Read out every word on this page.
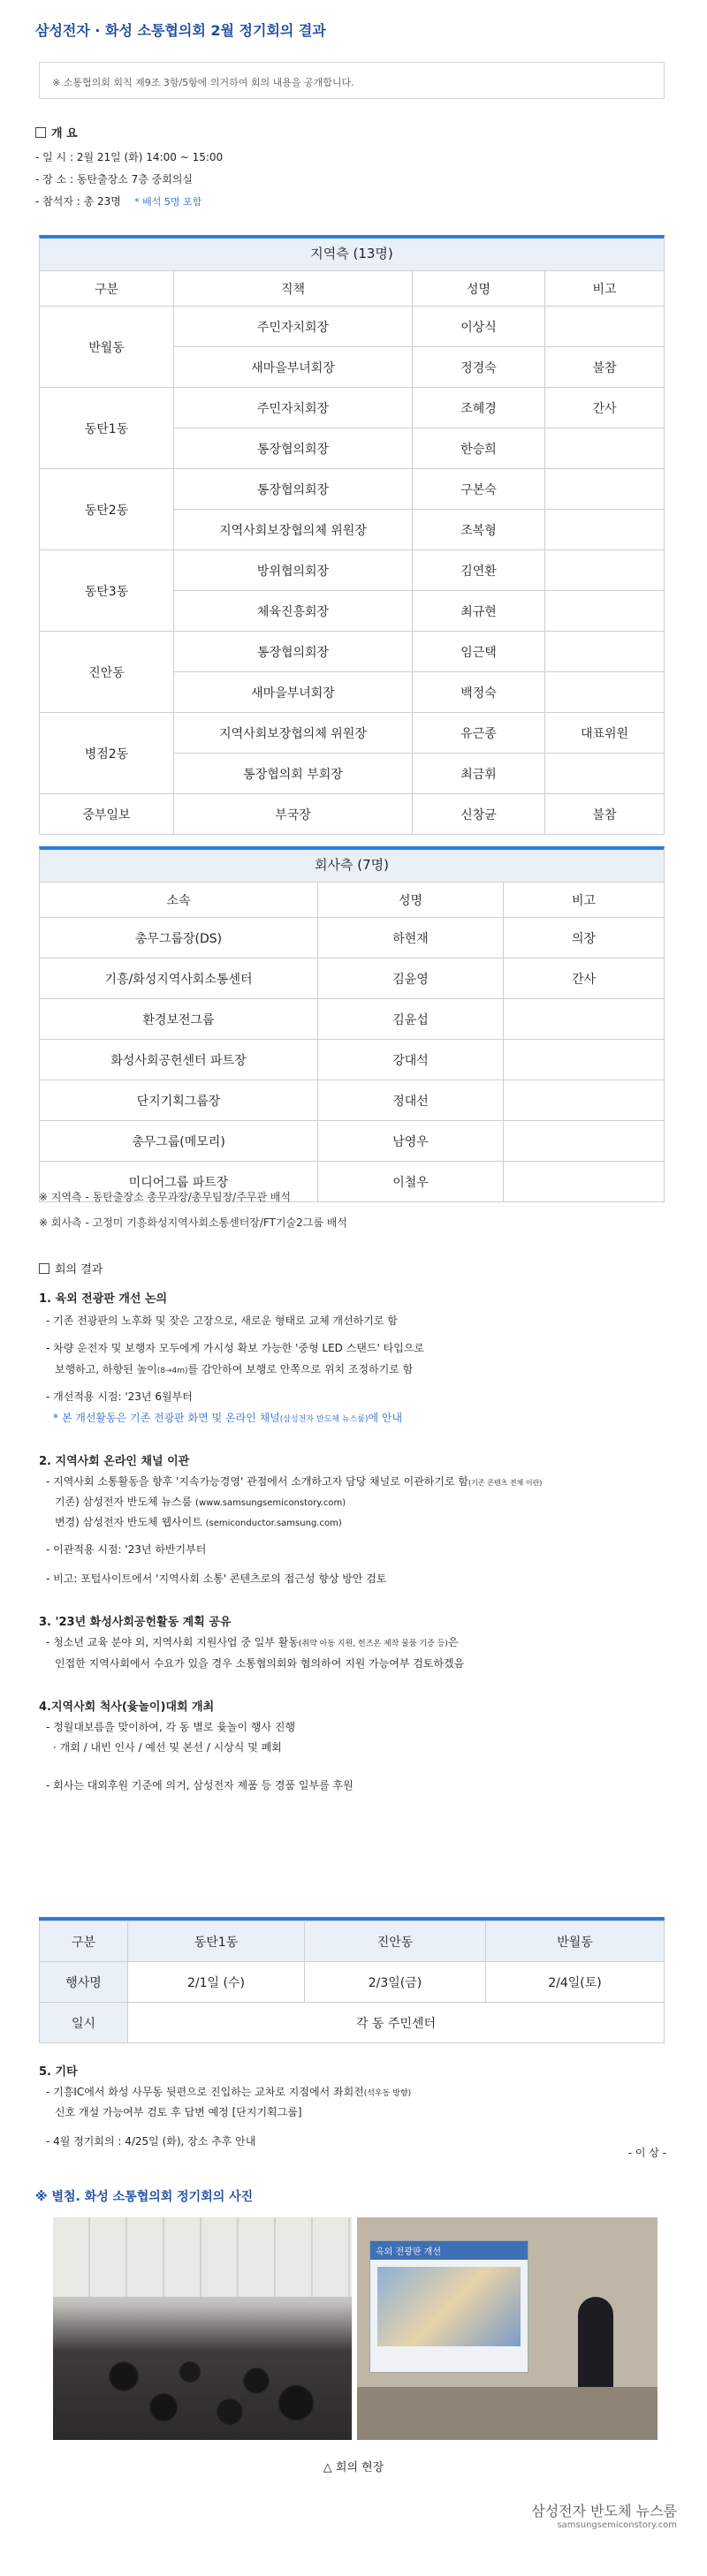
삼성전자 · 화성 소통협의회 2월 정기회의 결과
※ 소통협의회 회칙 제9조 3항/5항에 의거하여 회의 내용을 공개합니다.
개 요
- 일 시 : 2월 21일 (화) 14:00 ~ 15:00
- 장 소 : 동탄출장소 7층 중회의실
- 참석자 : 총 23명 * 배석 5명 포함
지역측 (13명)
구분	직책	성명	비고
반월동	주민자치회장	이상식	
	새마을부녀회장	정경숙	불참
동탄1동	주민자치회장	조혜경	간사
	통장협의회장	한승희	
동탄2동	통장협의회장	구본숙	
	지역사회보장협의체 위원장	조복형	
동탄3동	방위협의회장	김연환	
	체육진흥회장	최규현	
진안동	통장협의회장	임근택	
	새마을부녀회장	백정숙	
병점2동	지역사회보장협의체 위원장	유근종	대표위원
	통장협의회 부회장	최금휘	
중부일보	부국장	신창균	불참
회사측 (7명)
소속	성명	비고
총무그룹장(DS)	하현재	의장
기흥/화성지역사회소통센터	김윤영	간사
환경보전그룹	김윤섭	
화성사회공헌센터 파트장	강대석	
단지기획그룹장	정대선	
총무그룹(메모리)	남영우	
미디어그룹 파트장	이철우	
※ 지역측 - 동탄출장소 총무과장/총무팀장/주무관 배석
※ 회사측 - 고정미 기흥화성지역사회소통센터장/FT기술2그룹 배석
회의 결과
1. 육외 전광판 개선 논의
- 기존 전광판의 노후화 및 잦은 고장으로, 새로운 형태로 교체 개선하기로 함
- 차량 운전자 및 보행자 모두에게 가시성 확보 가능한 '중형 LED 스탠드' 타입으로
보행하고, 하향된 높이(8→4m)를 감안하여 보행로 안쪽으로 위치 조정하기로 함
- 개선적용 시점: '23년 6월부터
* 본 개선활동은 기존 전광판 화면 및 온라인 채널(삼성전자 반도체 뉴스룸)에 안내
2. 지역사회 온라인 채널 이관
- 지역사회 소통활동을 향후 '지속가능경영' 관점에서 소개하고자 담당 채널로 이관하기로 함(기존 콘텐츠 전체 이관)
기존) 삼성전자 반도체 뉴스룸 (www.samsungsemiconstory.com)
변경) 삼성전자 반도체 웹사이트 (semiconductor.samsung.com)
- 이관적용 시점: '23년 하반기부터
- 비고: 포털사이트에서 '지역사회 소통' 콘텐츠로의 접근성 향상 방안 검토
3. '23년 화성사회공헌활동 계획 공유
- 청소년 교육 분야 외, 지역사회 지원사업 중 일부 활동(취약 아동 지원, 헌즈온 제작 물품 기증 등)은
인접한 지역사회에서 수요가 있을 경우 소통협의회와 협의하여 지원 가능여부 검토하겠음
4.지역사회 척사(윷놀이)대회 개최
- 정월대보름을 맞이하여, 각 동 별로 윷놀이 행사 진행
· 개회 / 내빈 인사 / 예선 및 본선 / 시상식 및 폐회
- 회사는 대외후원 기준에 의거, 삼성전자 제품 등 경품 일부를 후원
구분	동탄1동	진안동	반월동
행사명	2/1일 (수)	2/3일(금)	2/4일(토)
일시	각 동 주민센터		
5. 기타
- 기흥IC에서 화성 사무동 뒷편으로 진입하는 교차로 지점에서 좌회전(석우동 방향)
신호 개설 가능여부 검토 후 답변 예정 [단지기획그룹]
- 4월 정기회의 : 4/25일 (화), 장소 추후 안내
- 이 상 -
※ 별첨. 화성 소통협의회 정기회의 사진
옥외 전광판 개선
△ 회의 현장
삼성전자 반도체 뉴스룸
samsungsemiconstory.com
